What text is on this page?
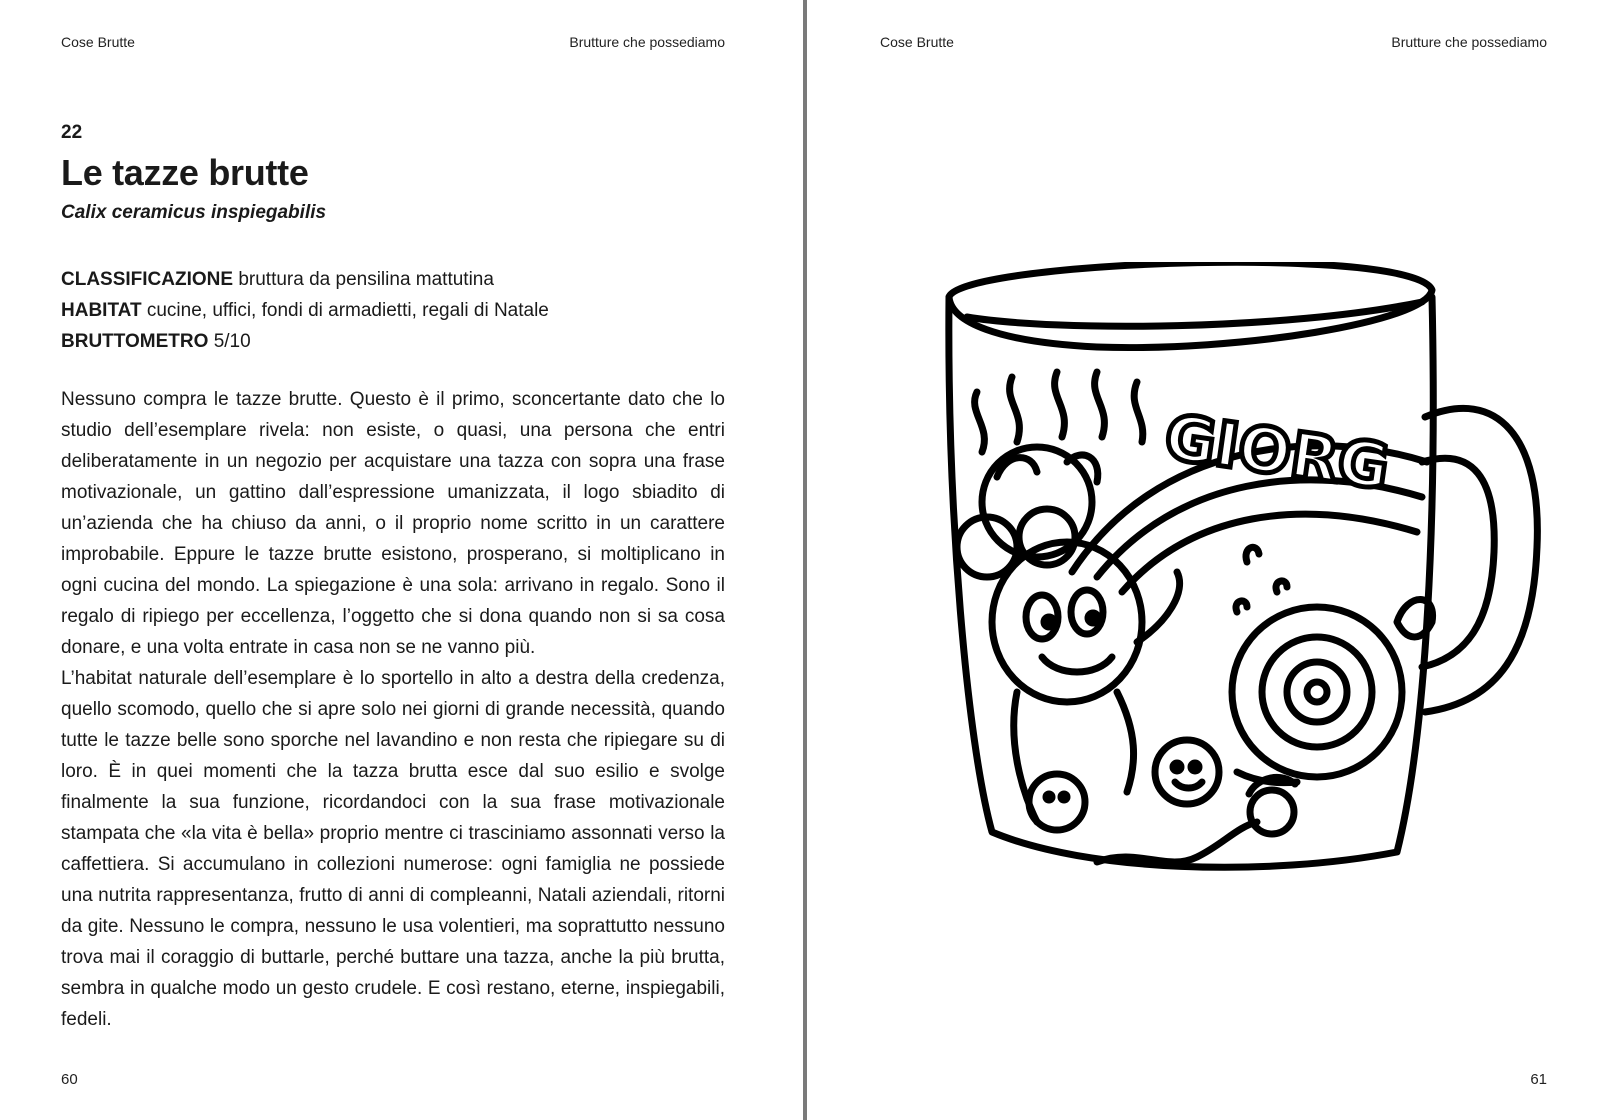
Cose Brutte	Brutture che possediamo
22
Le tazze brutte
Calix ceramicus inspiegabilis
CLASSIFICAZIONE bruttura da pensilina mattutina
HABITAT cucine, uffici, fondi di armadietti, regali di Natale
BRUTTOMETRO 5/10

Nessuno compra le tazze brutte. Questo è il primo, sconcertante dato che lo studio dell’esemplare rivela: non esiste, o quasi, una persona che entri deliberatamente in un negozio per acquistare una tazza con sopra una frase motivazionale, un gattino dall’espressione umanizzata, il logo sbiadito di un’azienda che ha chiuso da anni, o il proprio nome scritto in un carattere improbabile. Eppure le tazze brutte esistono, prosperano, si moltiplicano in ogni cucina del mondo. La spiegazione è una sola: arrivano in regalo. Sono il regalo di ripiego per eccellenza, l’oggetto che si dona quando non si sa cosa donare, e una volta entrate in casa non se ne vanno più.

L’habitat naturale dell’esemplare è lo sportello in alto a destra della credenza, quello scomodo, quello che si apre solo nei giorni di grande necessità, quando tutte le tazze belle sono sporche nel lavandino e non resta che ripiegare su di loro. È in quei momenti che la tazza brutta esce dal suo esilio e svolge finalmente la sua funzione, ricordandoci con la sua frase motivazionale stampata che «la vita è bella» proprio mentre ci trasciniamo assonnati verso la caffettiera. Si accumulano in collezioni numerose: ogni famiglia ne possiede una nutrita rappresentanza, frutto di anni di compleanni, Natali aziendali, ritorni da gite. Nessuno le compra, nessuno le usa volentieri, ma soprattutto nessuno trova mai il coraggio di buttarle, perché buttare una tazza, anche la più brutta, sembra in qualche modo un gesto crudele. E così restano, eterne, inspiegabili, fedeli.

60
Cose Brutte	Brutture che possediamo
GIORG
61
